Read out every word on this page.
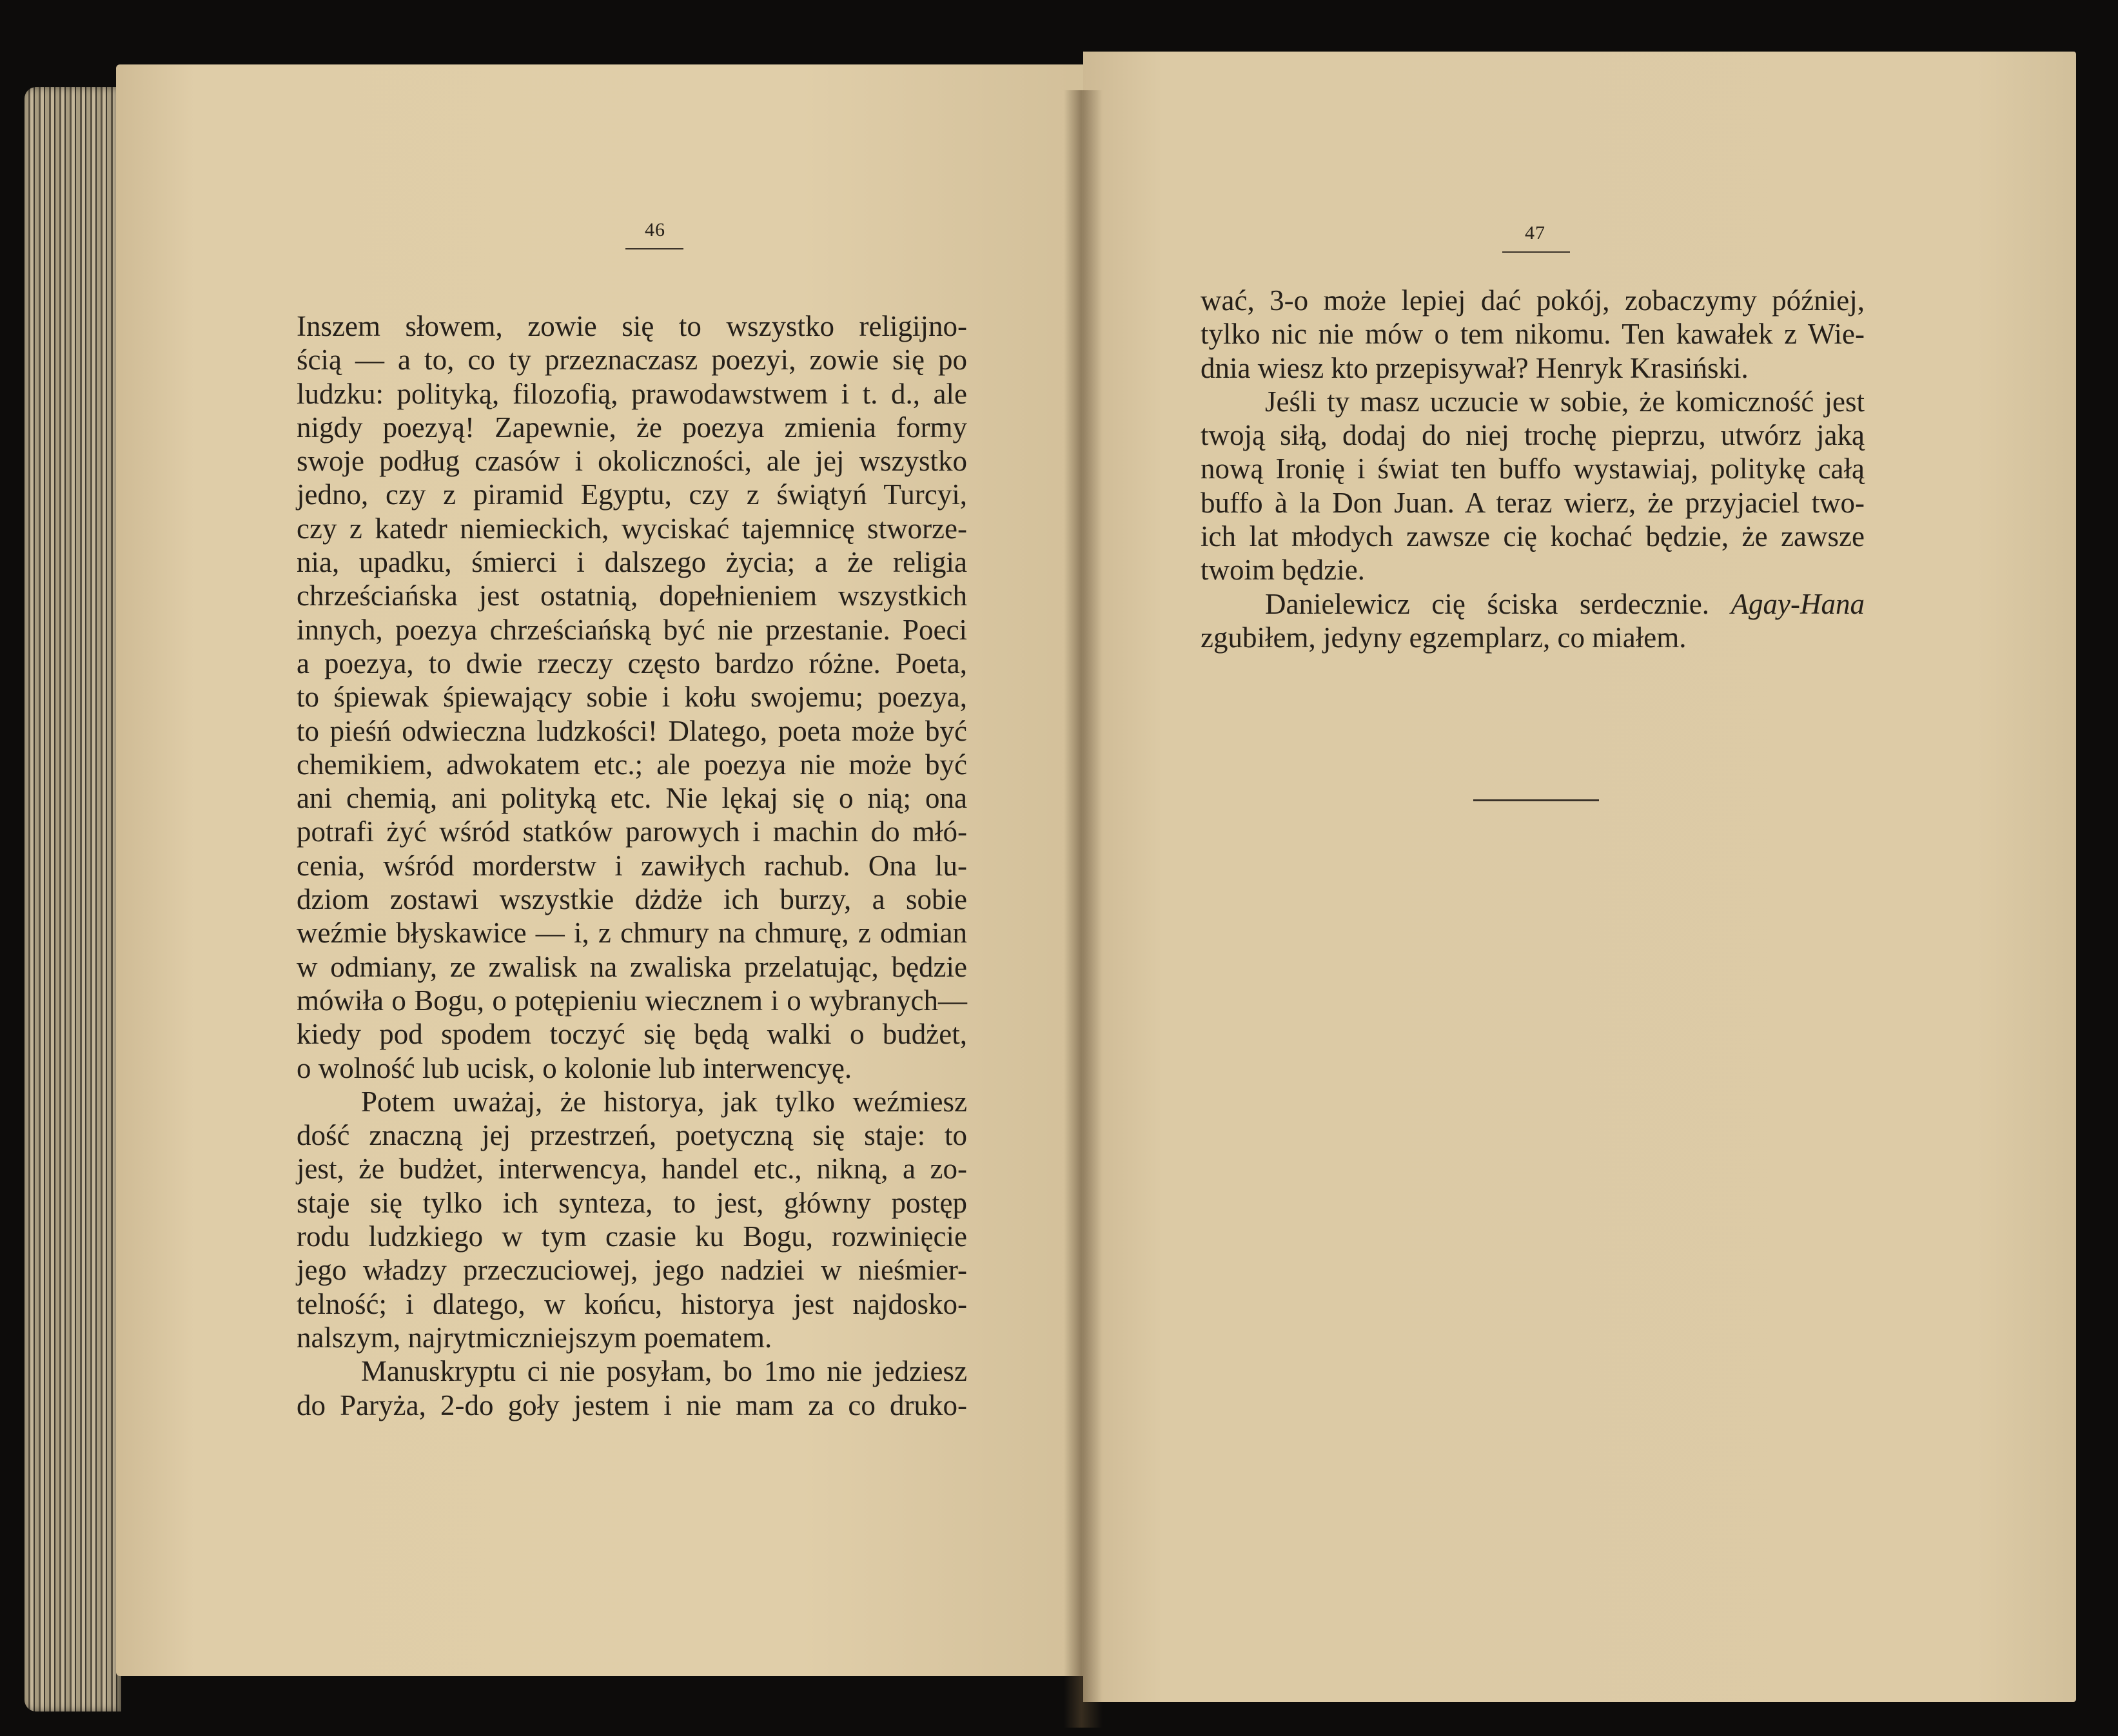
46
Inszem słowem, zowie się to wszystko religijno-
ścią — a to, co ty przeznaczasz poezyi, zowie się po
ludzku: polityką, filozofią, prawodawstwem i t. d., ale
nigdy poezyą! Zapewnie, że poezya zmienia formy
swoje podług czasów i okoliczności, ale jej wszystko
jedno, czy z piramid Egyptu, czy z świątyń Turcyi,
czy z katedr niemieckich, wyciskać tajemnicę stworze-
nia, upadku, śmierci i dalszego życia; a że religia
chrześciańska jest ostatnią, dopełnieniem wszystkich
innych, poezya chrześciańską być nie przestanie. Poeci
a poezya, to dwie rzeczy często bardzo różne. Poeta,
to śpiewak śpiewający sobie i kołu swojemu; poezya,
to pieśń odwieczna ludzkości! Dlatego, poeta może być
chemikiem, adwokatem etc.; ale poezya nie może być
ani chemią, ani polityką etc. Nie lękaj się o nią; ona
potrafi żyć wśród statków parowych i machin do młó-
cenia, wśród morderstw i zawiłych rachub. Ona lu-
dziom zostawi wszystkie dżdże ich burzy, a sobie
weźmie błyskawice — i, z chmury na chmurę, z odmian
w odmiany, ze zwalisk na zwaliska przelatując, będzie
mówiła o Bogu, o potępieniu wiecznem i o wybranych—
kiedy pod spodem toczyć się będą walki o budżet,
o wolność lub ucisk, o kolonie lub interwencyę.
Potem uważaj, że historya, jak tylko weźmiesz
dość znaczną jej przestrzeń, poetyczną się staje: to
jest, że budżet, interwencya, handel etc., nikną, a zo-
staje się tylko ich synteza, to jest, główny postęp
rodu ludzkiego w tym czasie ku Bogu, rozwinięcie
jego władzy przeczuciowej, jego nadziei w nieśmier-
telność; i dlatego, w końcu, historya jest najdosko-
nalszym, najrytmiczniejszym poematem.
Manuskryptu ci nie posyłam, bo 1mo nie jedziesz
do Paryża, 2-do goły jestem i nie mam za co druko-
47
wać, 3-o może lepiej dać pokój, zobaczymy później,
tylko nic nie mów o tem nikomu. Ten kawałek z Wie-
dnia wiesz kto przepisywał? Henryk Krasiński.
Jeśli ty masz uczucie w sobie, że komiczność jest
twoją siłą, dodaj do niej trochę pieprzu, utwórz jaką
nową Ironię i świat ten buffo wystawiaj, politykę całą
buffo à la Don Juan. A teraz wierz, że przyjaciel two-
ich lat młodych zawsze cię kochać będzie, że zawsze
twoim będzie.
Danielewicz cię ściska serdecznie. Agay-Hana
zgubiłem, jedyny egzemplarz, co miałem.
